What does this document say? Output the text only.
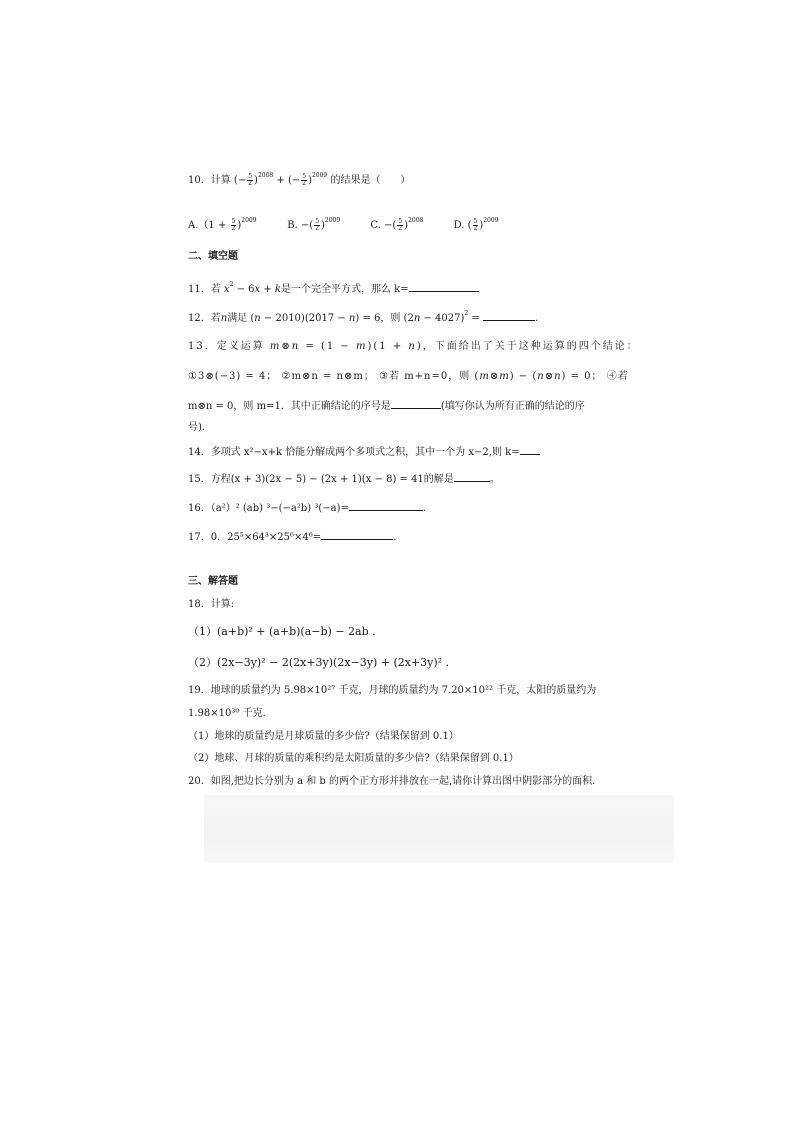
10．计算 (− $\frac{5}{2} )^{2008}$ + (− $\frac{5}{2} )^{2009}$ 的结果是（　　）
$A.(1 + \frac{5}{2} )^{2009}$	B. −( $\frac{5}{2} )^{2009}$	C. −( $\frac{5}{2} )^{2008}$	D. ( $\frac{5}{2} )^{2009}$
二、填空题
11．若 $x^2 - 6x + k$是一个完全平方式，那么 k=
12．若n满足 (n − 2010)(2017 − n) = 6，则 $(2n - 4027)^2$ =	.
13．定义运算 m⊗n = (1 − m)(1 + n)，下面给出了关于这种运算的四个结论：
①3⊗(−3) = 4； ②m⊗n = n⊗m； ③若 m+n=0，则 (m⊗m) − (n⊗n) = 0； ④若
m⊗n = 0，则 m=1．其中正确结论的序号是	(填写你认为所有正确的结论的序
号).
14．多项式 x²−x+k 恰能分解成两个多项式之积，其中一个为 x−2,则 k=
15．方程(x + 3)(2x − 5) − (2x + 1)(x − 8) = 41的解是	。
16．（a²）² (ab) ³−(−a²b) ³(−a)=	.
17．0．25⁵×64³×25⁶×4⁶=	.
三、解答题
18．计算:
（1）(a+b)² + (a+b)(a−b) − 2ab .
（2）(2x−3y)² − 2(2x+3y)(2x−3y) + (2x+3y)² .
19．地球的质量约为 5.98×10²⁷ 千克，月球的质量约为 7.20×10²² 千克，太阳的质量约为
1.98×10³⁰ 千克.
（1）地球的质量约是月球质量的多少倍?（结果保留到 0.1）
（2）地球、月球的质量的乘积约是太阳质量的多少倍?（结果保留到 0.1）
20．如图,把边长分别为 a 和 b 的两个正方形并排放在一起,请你计算出图中阴影部分的面积.
